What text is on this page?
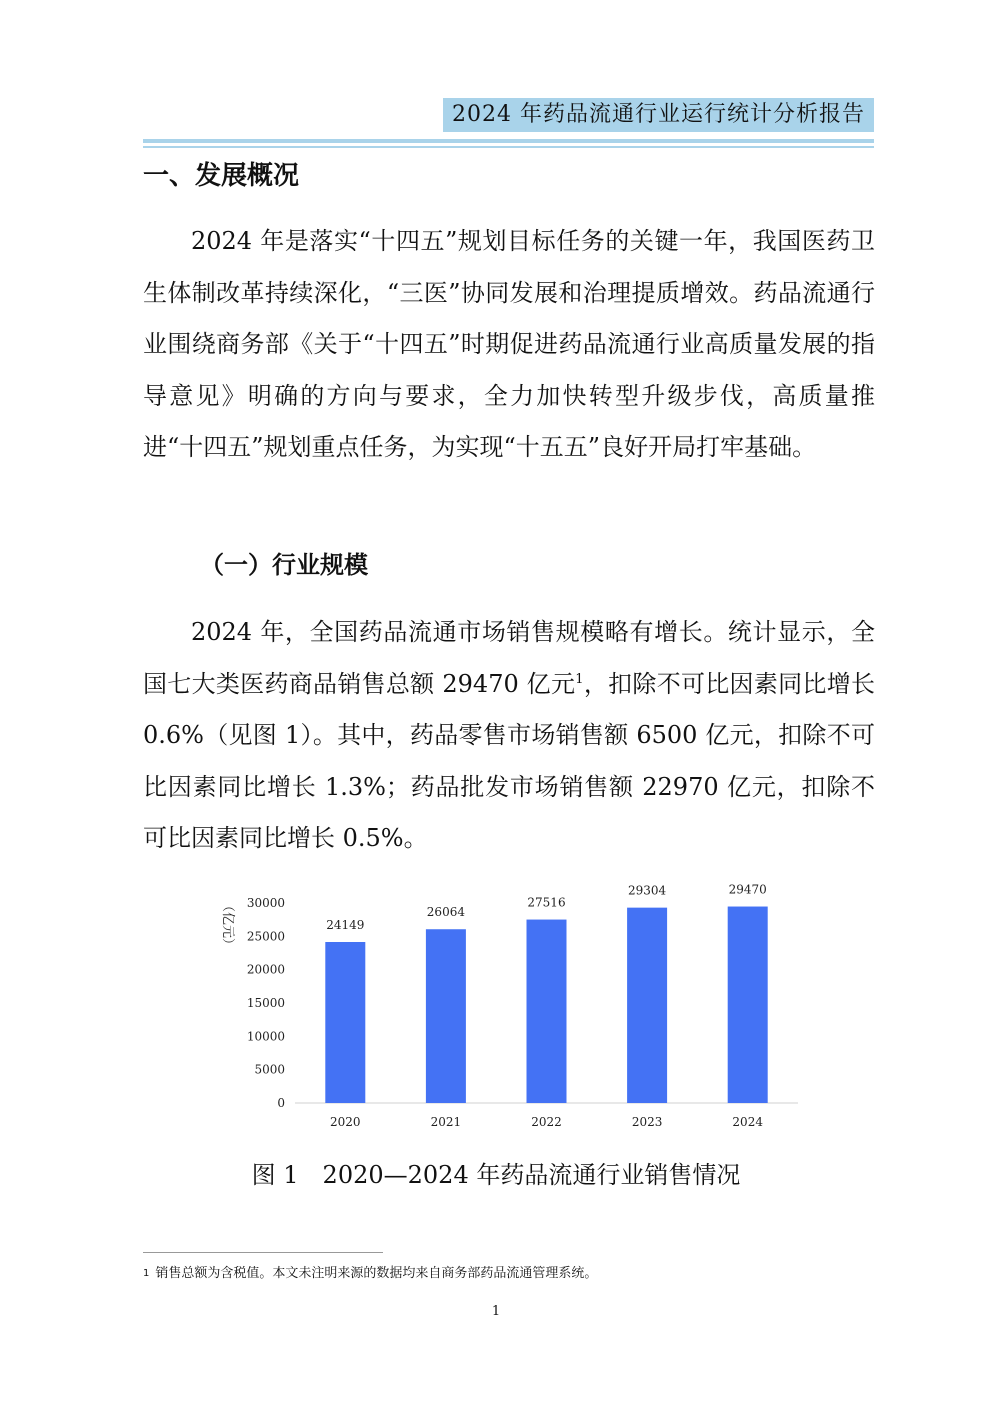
2024 年药品流通行业运行统计分析报告
一、发展概况

2024 年是落实“十四五”规划目标任务的关键一年，我国医药卫生体制改革持续深化，“三医”协同发展和治理提质增效。药品流通行业围绕商务部《关于“十四五”时期促进药品流通行业高质量发展的指导意见》明确的方向与要求，全力加快转型升级步伐，高质量推进“十四五”规划重点任务，为实现“十五五”良好开局打牢基础。

（一）行业规模

2024 年，全国药品流通市场销售规模略有增长。统计显示，全国七大类医药商品销售总额 29470 亿元$^1$，扣除不可比因素同比增长 0.6%（见图 1）。其中，药品零售市场销售额 6500 亿元，扣除不可比因素同比增长 1.3%；药品批发市场销售额 22970 亿元，扣除不可比因素同比增长 0.5%。

0
5000
10000
15000
20000
25000
30000
24149
26064
27516
29304	29470
2020	2021	2022	2023	2024
（亿元）
图 1　2020—2024 年药品流通行业销售情况
$^1$ 销售总额为含税值。本文未注明来源的数据均来自商务部药品流通管理系统。
1
